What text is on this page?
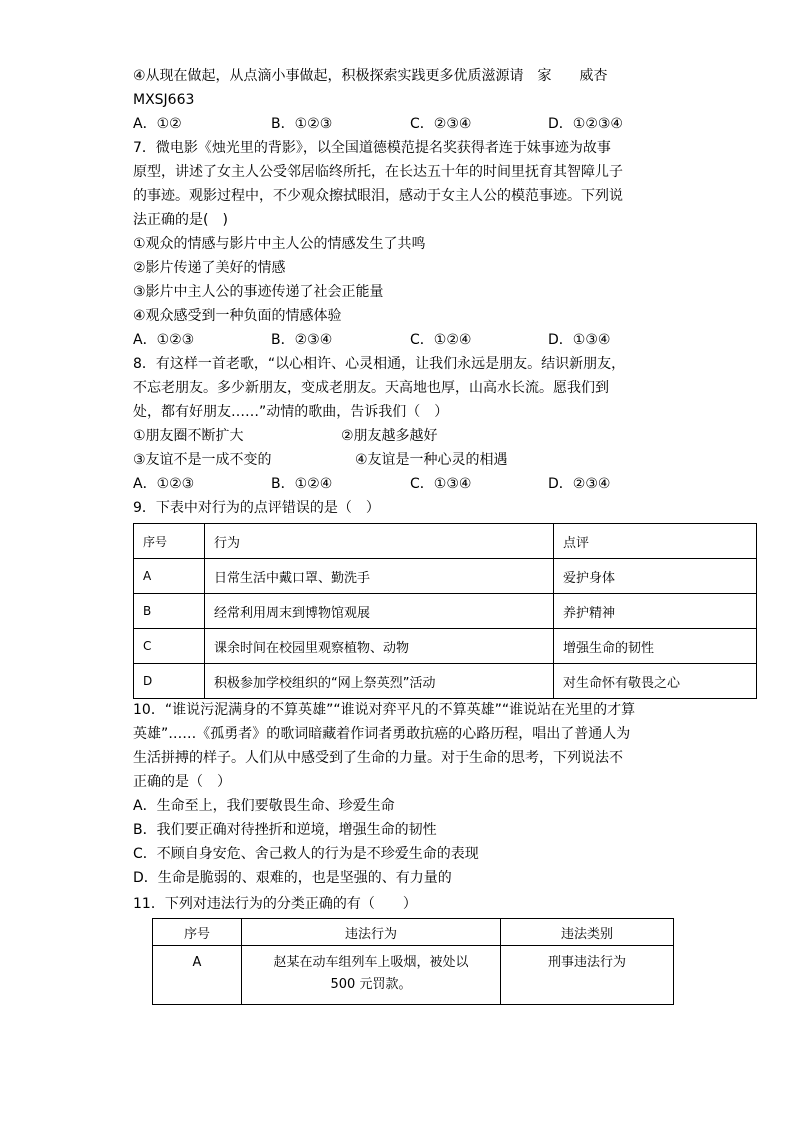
④从现在做起，从点滴小事做起，积极探索实践更多优质滋源请　家　　威杏
MXSJ663
A．①②	B．①②③	C．②③④	D．①②③④
7．微电影《烛光里的背影》，以全国道德模范提名奖获得者连于妹事迹为故事
原型，讲述了女主人公受邻居临终所托，在长达五十年的时间里抚育其智障儿子
的事迹。观影过程中，不少观众擦拭眼泪，感动于女主人公的模范事迹。下列说
法正确的是(　)
①观众的情感与影片中主人公的情感发生了共鸣
②影片传递了美好的情感
③影片中主人公的事迹传递了社会正能量
④观众感受到一种负面的情感体验
A．①②③	B．②③④	C．①②④	D．①③④
8．有这样一首老歌，“以心相许、心灵相通，让我们永远是朋友。结识新朋友，
不忘老朋友。多少新朋友，变成老朋友。天高地也厚，山高水长流。愿我们到
处，都有好朋友……”动情的歌曲，告诉我们（　）
①朋友圈不断扩大	②朋友越多越好
③友谊不是一成不变的	④友谊是一种心灵的相遇
A．①②③	B．①②④	C．①③④	D．②③④
9．下表中对行为的点评错误的是（　）
序号	行为	点评
A	日常生活中戴口罩、勤洗手	爱护身体
B	经常利用周末到博物馆观展	养护精神
C	课余时间在校园里观察植物、动物	增强生命的韧性
D	积极参加学校组织的“网上祭英烈”活动	对生命怀有敬畏之心
10．“谁说污泥满身的不算英雄”“谁说对弈平凡的不算英雄”“谁说站在光里的才算
英雄”……《孤勇者》的歌词暗藏着作词者勇敢抗癌的心路历程，唱出了普通人为
生活拼搏的样子。人们从中感受到了生命的力量。对于生命的思考，下列说法不
正确的是（　）
A．生命至上，我们要敬畏生命、珍爱生命
B．我们要正确对待挫折和逆境，增强生命的韧性
C．不顾自身安危、舍己救人的行为是不珍爱生命的表现
D．生命是脆弱的、艰难的，也是坚强的、有力量的
11．下列对违法行为的分类正确的有（　　）
序号	违法行为	违法类别
A	赵某在动车组列车上吸烟，被处以
500 元罚款。	刑事违法行为
